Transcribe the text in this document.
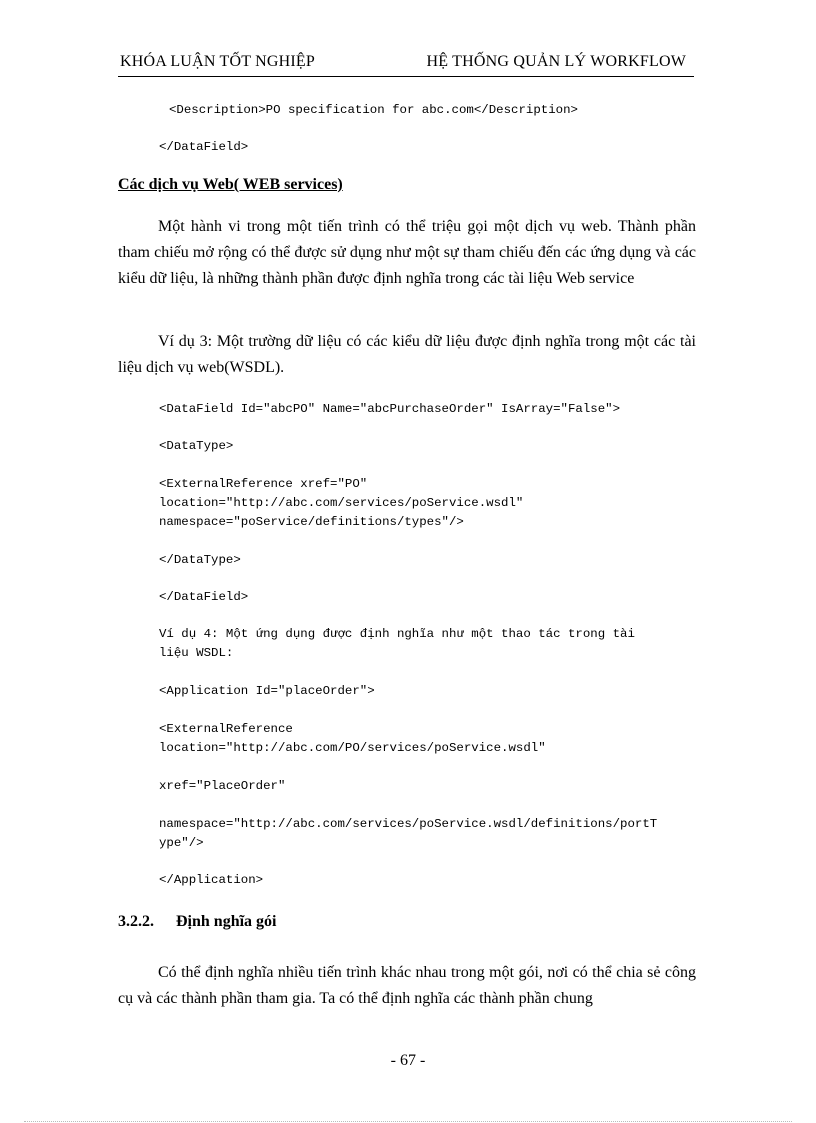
KHÓA LUẬN TỐT NGHIỆP	HỆ THỐNG QUẢN LÝ WORKFLOW
<Description>PO specification for abc.com</Description>
</DataField>
Các dịch vụ Web( WEB services)
Một hành vi trong một tiến trình có thể triệu gọi một dịch vụ web. Thành phần tham chiếu mở rộng có thể được sử dụng như một sự tham chiếu đến các ứng dụng và các kiểu dữ liệu, là những thành phần được định nghĩa trong các tài liệu Web service
Ví dụ 3: Một trường dữ liệu có các kiểu dữ liệu được định nghĩa trong một các tài liệu dịch vụ web(WSDL).
<DataField Id="abcPO" Name="abcPurchaseOrder" IsArray="False">
<DataType>
<ExternalReference xref="PO"
location="http://abc.com/services/poService.wsdl"
namespace="poService/definitions/types"/>
</DataType>
</DataField>
Ví dụ 4: Một ứng dụng được định nghĩa như một thao tác trong tài
liệu WSDL:
<Application Id="placeOrder">
<ExternalReference
location="http://abc.com/PO/services/poService.wsdl"
xref="PlaceOrder"
namespace="http://abc.com/services/poService.wsdl/definitions/portT
ype"/>
</Application>
3.2.2. Định nghĩa gói
Có thể định nghĩa nhiều tiến trình khác nhau trong một gói, nơi có thể chia sẻ công cụ và các thành phần tham gia. Ta có thể định nghĩa các thành phần chung
- 67 -
